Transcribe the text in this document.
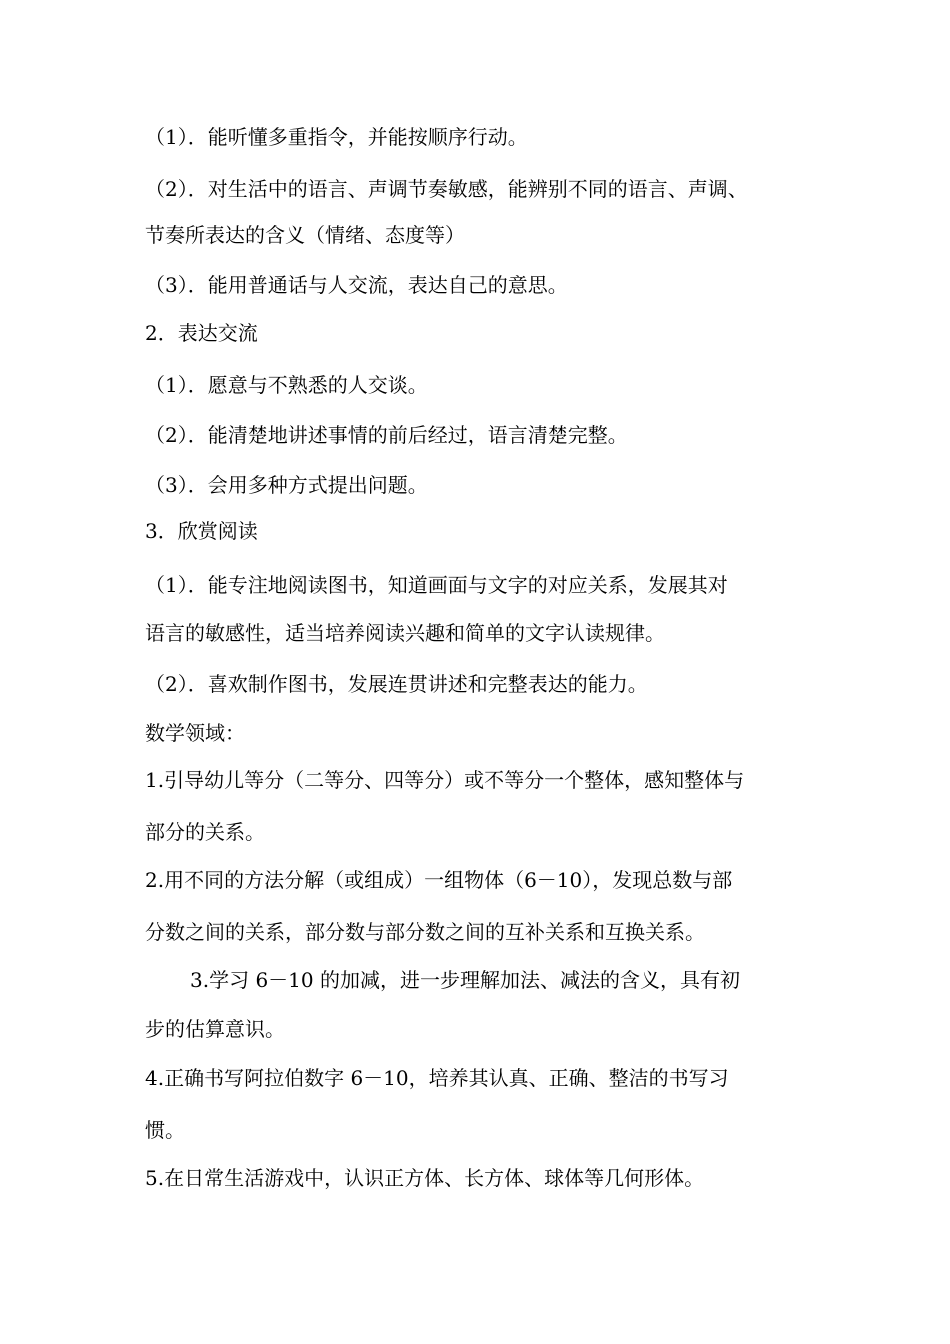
（1）．能听懂多重指令，并能按顺序行动。
（2）．对生活中的语言、声调节奏敏感，能辨别不同的语言、声调、
节奏所表达的含义（情绪、态度等）
（3）．能用普通话与人交流，表达自己的意思。
2．表达交流
（1）．愿意与不熟悉的人交谈。
（2）．能清楚地讲述事情的前后经过，语言清楚完整。
（3）．会用多种方式提出问题。
3．欣赏阅读
（1）．能专注地阅读图书，知道画面与文字的对应关系，发展其对
语言的敏感性，适当培养阅读兴趣和简单的文字认读规律。
（2）．喜欢制作图书，发展连贯讲述和完整表达的能力。
数学领域：
1.引导幼儿等分（二等分、四等分）或不等分一个整体，感知整体与
部分的关系。
2.用不同的方法分解（或组成）一组物体（6－10），发现总数与部
分数之间的关系，部分数与部分数之间的互补关系和互换关系。
3.学习 6－10 的加减，进一步理解加法、减法的含义，具有初
步的估算意识。
4.正确书写阿拉伯数字 6－10，培养其认真、正确、整洁的书写习
惯。
5.在日常生活游戏中，认识正方体、长方体、球体等几何形体。
